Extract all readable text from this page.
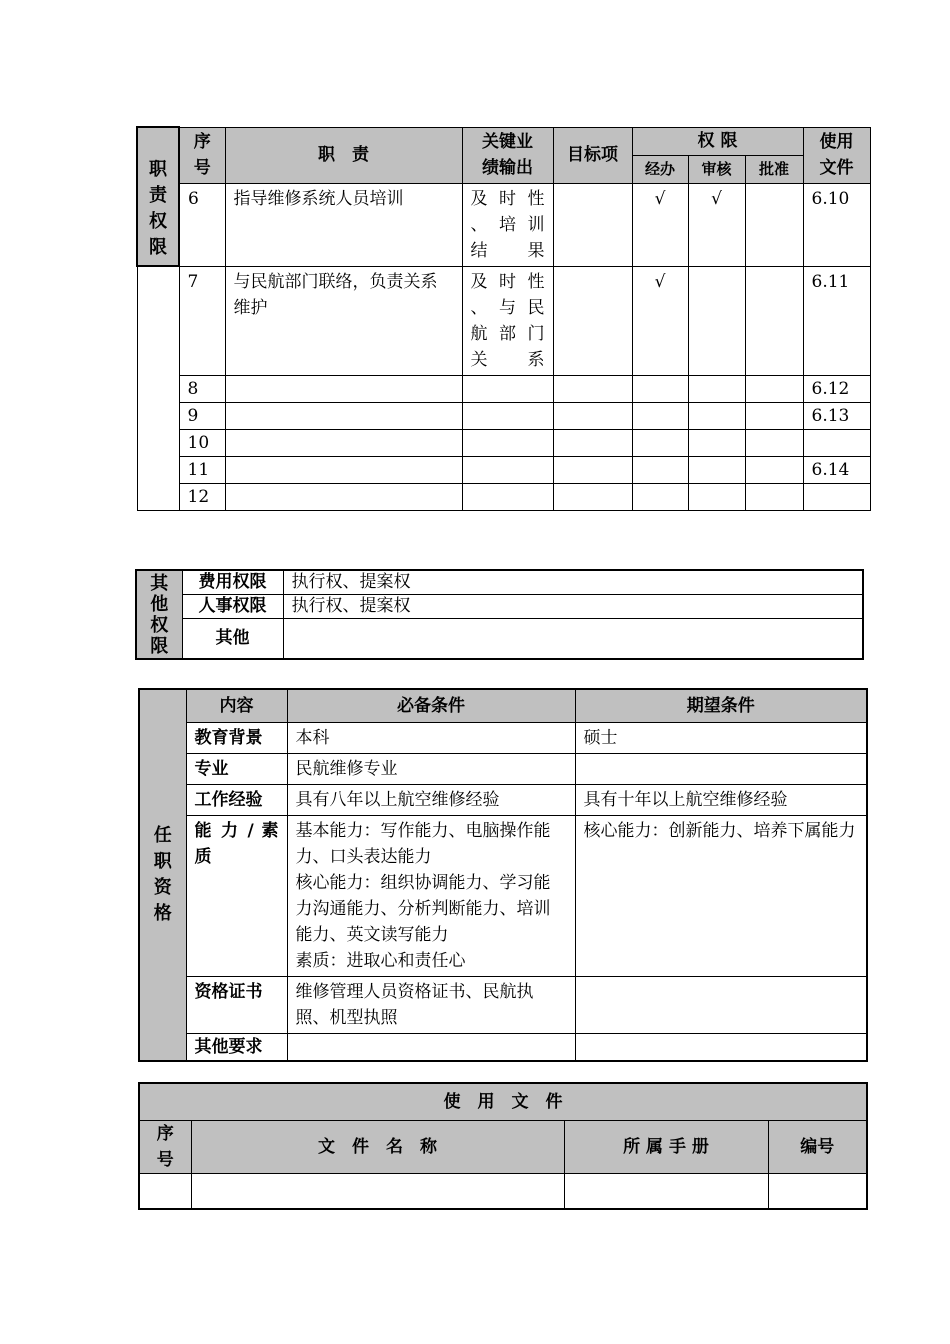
职
责
权
限	序
号	职　责	关键业
绩输出	目标项	权 限			使用
文件
					经办	审核	批准	
	6	指导维修系统人员培训	及 时 性 、 培 训结果		√	√		6.10
	7	与民航部门联络，负责关系维护	及 时 性 、 与 民 航 部 门关系		√			6.11
	8							6.12
	9							6.13
	10							
	11							6.14
	12							
其
他
权
限	费用权限	执行权、提案权
	人事权限	执行权、提案权
	其他	
任
职
资
格	内容	必备条件	期望条件
	教育背景	本科	硕士
	专业	民航维修专业	
	工作经验	具有八年以上航空维修经验	具有十年以上航空维修经验
	能 力 / 素质	基本能力：写作能力、电脑操作能力、口头表达能力
核心能力：组织协调能力、学习能力沟通能力、分析判断能力、培训能力、英文读写能力
素质：进取心和责任心	核心能力：创新能力、培养下属能力
	资格证书	维修管理人员资格证书、民航执照、机型执照	
	其他要求		
使　用　文　件			
序
号	文　件　名　称	所 属 手 册	编号
